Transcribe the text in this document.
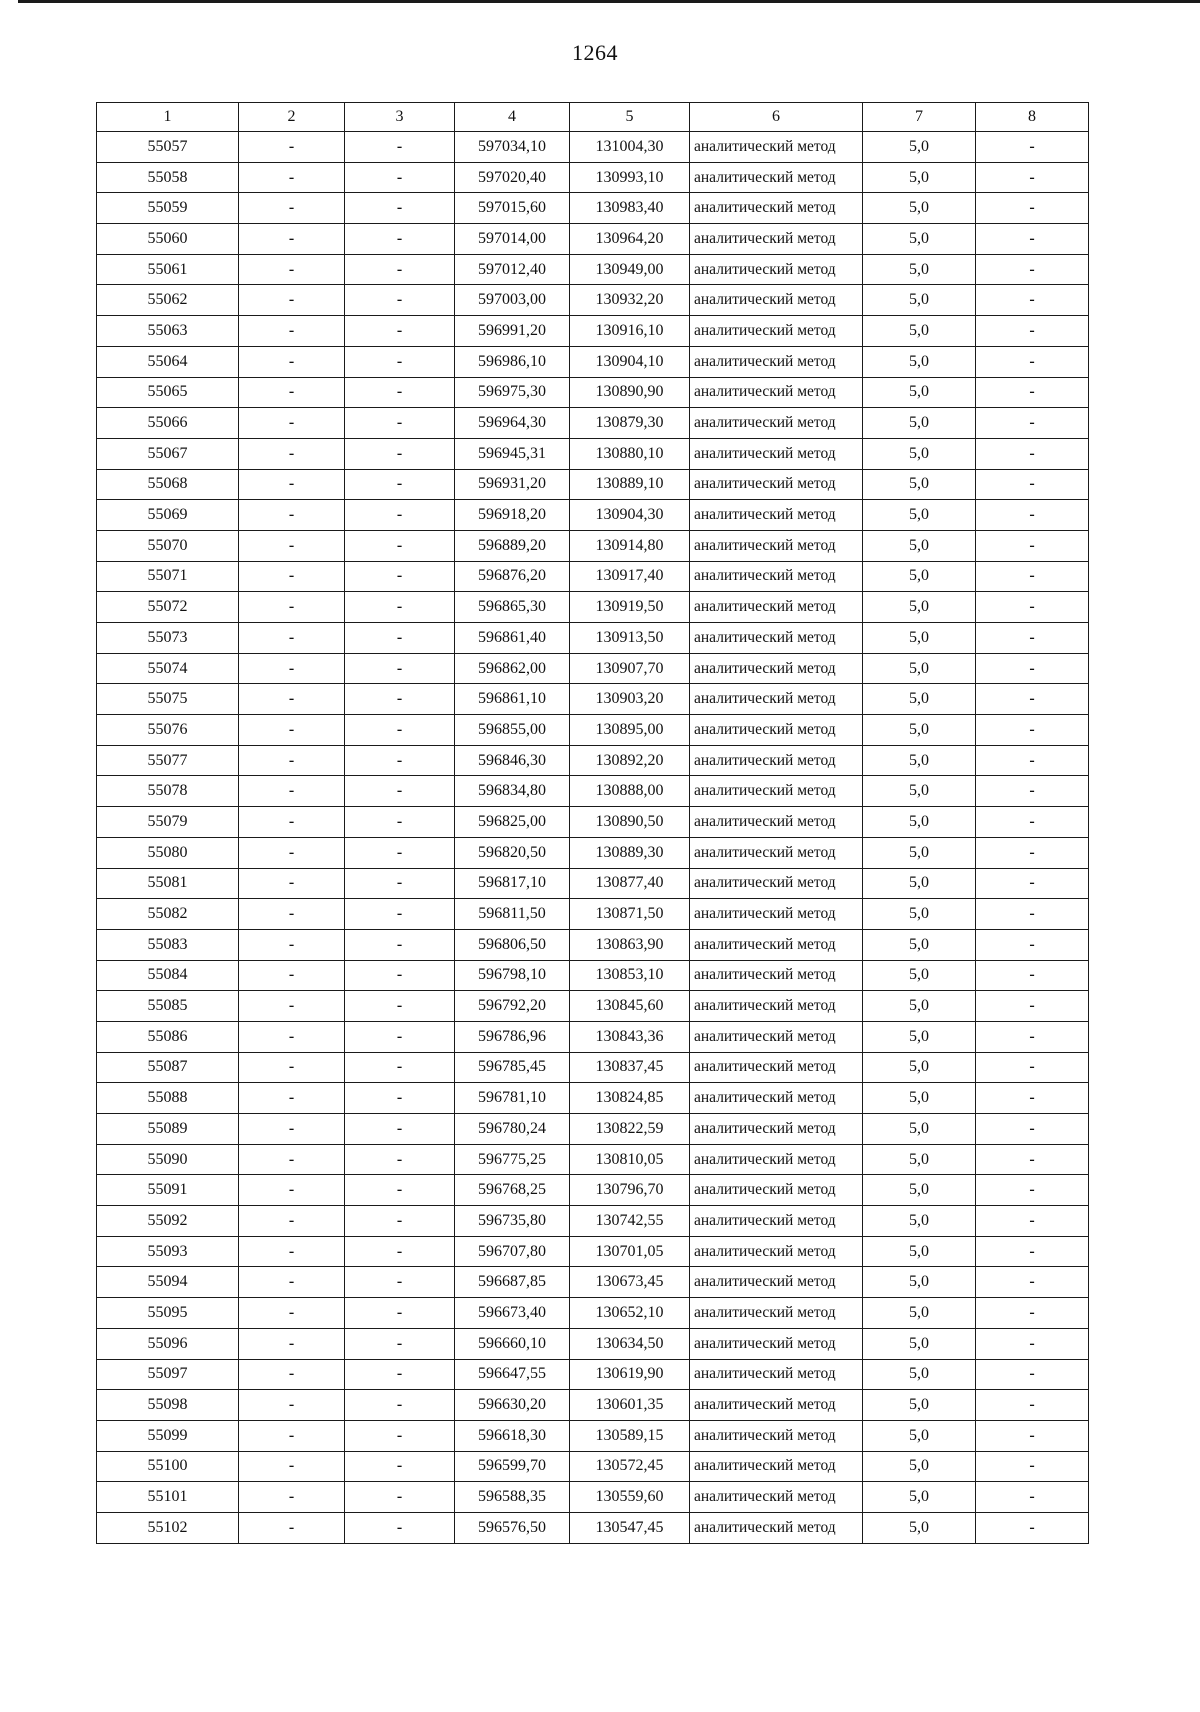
1264
1	2	3	4	5	6	7	8
55057	-	-	597034,10	131004,30	аналитический метод	5,0	-
55058	-	-	597020,40	130993,10	аналитический метод	5,0	-
55059	-	-	597015,60	130983,40	аналитический метод	5,0	-
55060	-	-	597014,00	130964,20	аналитический метод	5,0	-
55061	-	-	597012,40	130949,00	аналитический метод	5,0	-
55062	-	-	597003,00	130932,20	аналитический метод	5,0	-
55063	-	-	596991,20	130916,10	аналитический метод	5,0	-
55064	-	-	596986,10	130904,10	аналитический метод	5,0	-
55065	-	-	596975,30	130890,90	аналитический метод	5,0	-
55066	-	-	596964,30	130879,30	аналитический метод	5,0	-
55067	-	-	596945,31	130880,10	аналитический метод	5,0	-
55068	-	-	596931,20	130889,10	аналитический метод	5,0	-
55069	-	-	596918,20	130904,30	аналитический метод	5,0	-
55070	-	-	596889,20	130914,80	аналитический метод	5,0	-
55071	-	-	596876,20	130917,40	аналитический метод	5,0	-
55072	-	-	596865,30	130919,50	аналитический метод	5,0	-
55073	-	-	596861,40	130913,50	аналитический метод	5,0	-
55074	-	-	596862,00	130907,70	аналитический метод	5,0	-
55075	-	-	596861,10	130903,20	аналитический метод	5,0	-
55076	-	-	596855,00	130895,00	аналитический метод	5,0	-
55077	-	-	596846,30	130892,20	аналитический метод	5,0	-
55078	-	-	596834,80	130888,00	аналитический метод	5,0	-
55079	-	-	596825,00	130890,50	аналитический метод	5,0	-
55080	-	-	596820,50	130889,30	аналитический метод	5,0	-
55081	-	-	596817,10	130877,40	аналитический метод	5,0	-
55082	-	-	596811,50	130871,50	аналитический метод	5,0	-
55083	-	-	596806,50	130863,90	аналитический метод	5,0	-
55084	-	-	596798,10	130853,10	аналитический метод	5,0	-
55085	-	-	596792,20	130845,60	аналитический метод	5,0	-
55086	-	-	596786,96	130843,36	аналитический метод	5,0	-
55087	-	-	596785,45	130837,45	аналитический метод	5,0	-
55088	-	-	596781,10	130824,85	аналитический метод	5,0	-
55089	-	-	596780,24	130822,59	аналитический метод	5,0	-
55090	-	-	596775,25	130810,05	аналитический метод	5,0	-
55091	-	-	596768,25	130796,70	аналитический метод	5,0	-
55092	-	-	596735,80	130742,55	аналитический метод	5,0	-
55093	-	-	596707,80	130701,05	аналитический метод	5,0	-
55094	-	-	596687,85	130673,45	аналитический метод	5,0	-
55095	-	-	596673,40	130652,10	аналитический метод	5,0	-
55096	-	-	596660,10	130634,50	аналитический метод	5,0	-
55097	-	-	596647,55	130619,90	аналитический метод	5,0	-
55098	-	-	596630,20	130601,35	аналитический метод	5,0	-
55099	-	-	596618,30	130589,15	аналитический метод	5,0	-
55100	-	-	596599,70	130572,45	аналитический метод	5,0	-
55101	-	-	596588,35	130559,60	аналитический метод	5,0	-
55102	-	-	596576,50	130547,45	аналитический метод	5,0	-
